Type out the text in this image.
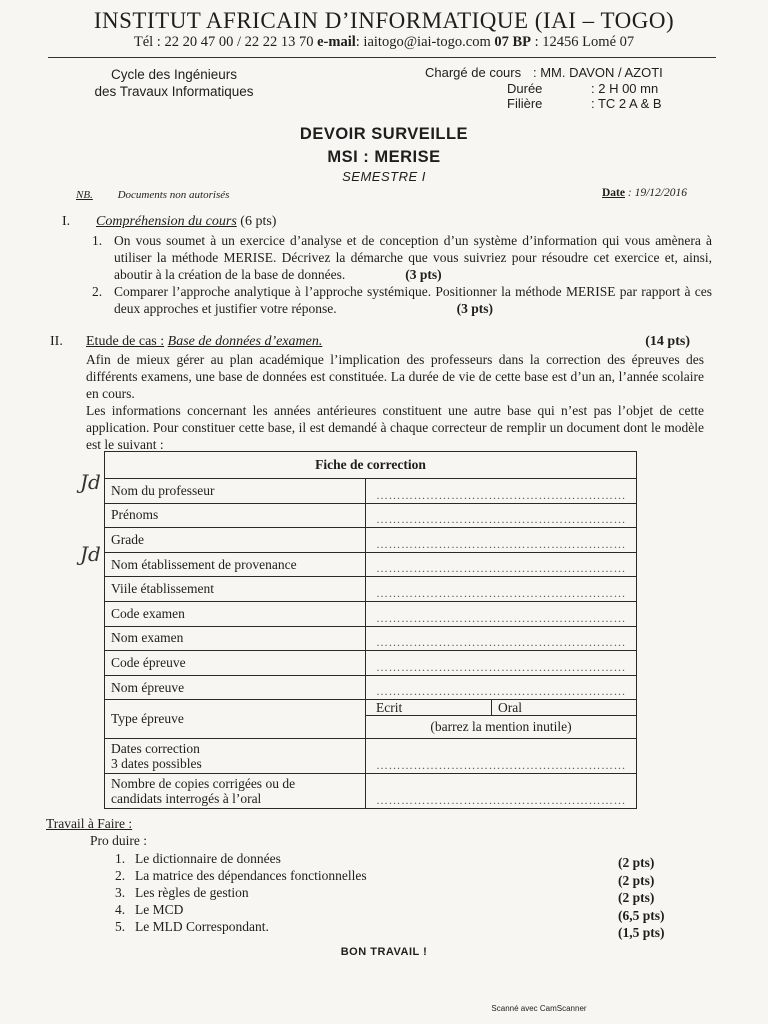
INSTITUT AFRICAIN D’INFORMATIQUE (IAI – TOGO)
Tél : 22 20 47 00 / 22 22 13 70 e-mail: iaitogo@iai-togo.com 07 BP : 12456 Lomé 07
Cycle des Ingénieurs
des Travaux Informatiques
Chargé de cours : MM. DAVON / AZOTI
Durée	: 2 H 00 mn
Filière	: TC 2 A & B
DEVOIR SURVEILLE
MSI : MERISE
SEMESTRE I
NB. Documents non autorisés	Date : 19/12/2016
I. Compréhension du cours (6 pts)
1. On vous soumet à un exercice d’analyse et de conception d’un système d’information qui vous amènera à utiliser la méthode MERISE. Décrivez la démarche que vous suivriez pour résoudre cet exercice et, ainsi, aboutir à la création de la base de données.	(3 pts)
2. Comparer l’approche analytique à l’approche systémique. Positionner la méthode MERISE par rapport à ces deux approches et justifier votre réponse.	(3 pts)
II. Etude de cas : Base de données d’examen.	(14 pts)
Afin de mieux gérer au plan académique l’implication des professeurs dans la correction des épreuves des différents examens, une base de données est constituée. La durée de vie de cette base est d’un an, l’année scolaire en cours.
Les informations concernant les années antérieures constituent une autre base qui n’est pas l’objet de cette application. Pour constituer cette base, il est demandé à chaque correcteur de remplir un document dont le modèle est le suivant :
Jd
Jd
Fiche de correction	
Nom du professeur	……………………………………………………
Prénoms	……………………………………………………
Grade	……………………………………………………
Nom établissement de provenance	……………………………………………………
Viile établissement	……………………………………………………
Code examen	……………………………………………………
Nom examen	……………………………………………………
Code épreuve	……………………………………………………
Nom épreuve	……………………………………………………
Type épreuve	Ecrit Oral
(barrez la mention inutile)

Dates correction
3 dates possibles	……………………………………………………

Nombre de copies corrigées ou de
candidats interrogés à l’oral	……………………………………………………
Travail à Faire :
Pro duire :
1. Le dictionnaire de données
2. La matrice des dépendances fonctionnelles
3. Les règles de gestion
4. Le MCD
5. Le MLD Correspondant.
(2 pts)
(2 pts)
(2 pts)
(6,5 pts)
(1,5 pts)
BON TRAVAIL !
Scanné avec CamScanner
